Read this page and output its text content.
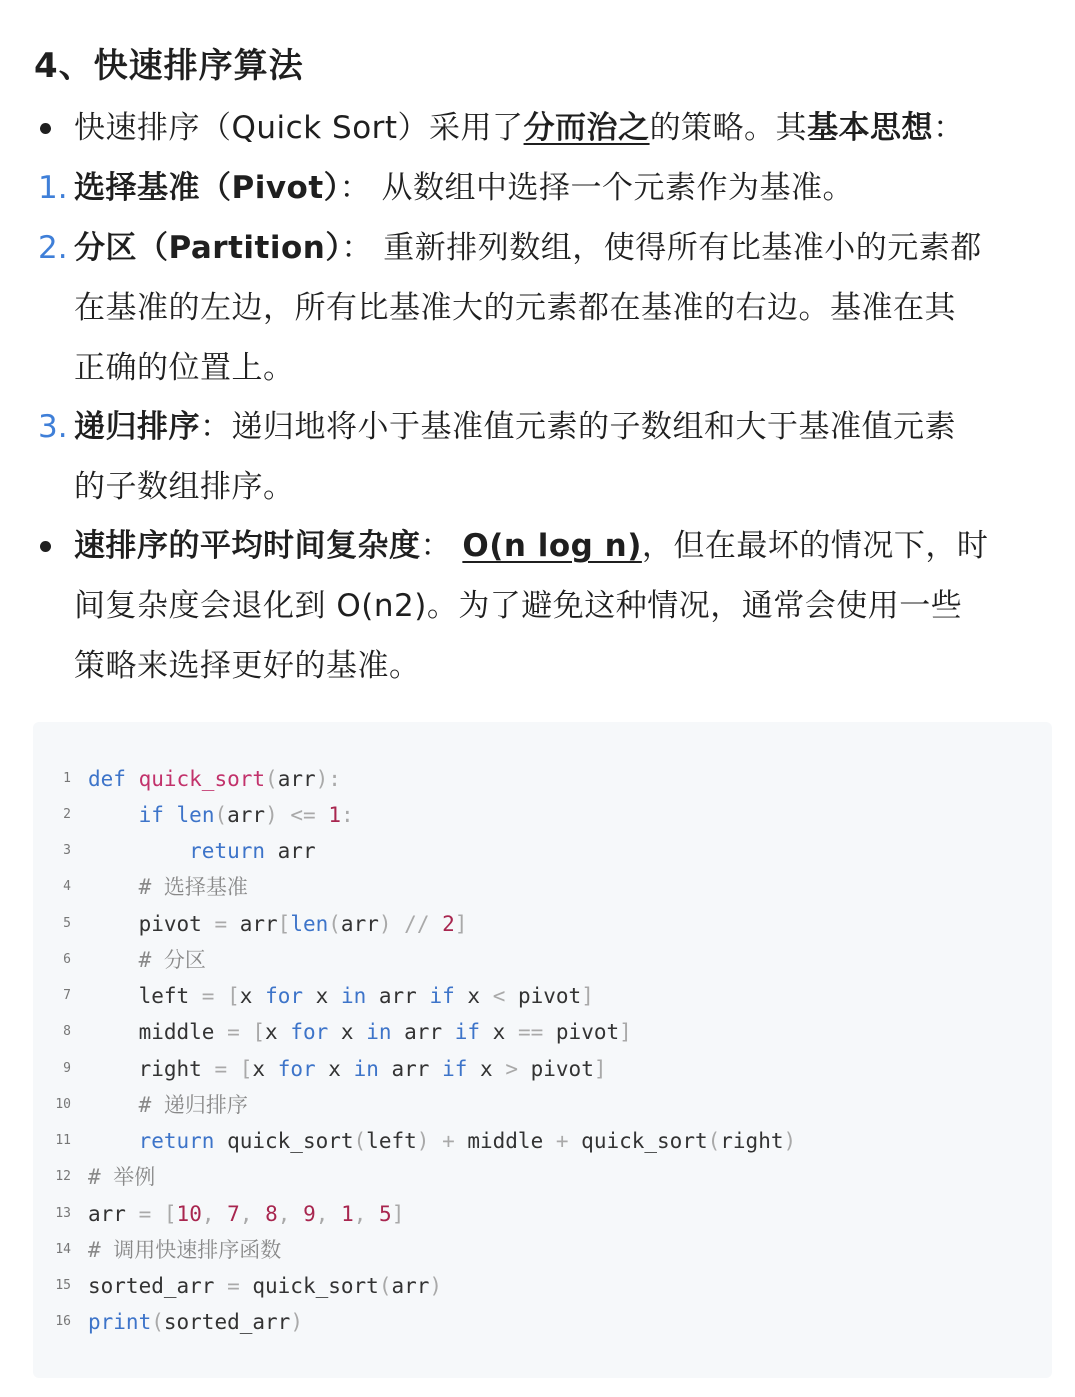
4、快速排序算法
快速排序（Quick Sort）采用了分而治之的策略。其基本思想：
1. 选择基准（Pivot）： 从数组中选择一个元素作为基准。
2. 分区（Partition）： 重新排列数组，使得所有比基准小的元素都
在基准的左边，所有比基准大的元素都在基准的右边。基准在其
正确的位置上。
3. 递归排序：递归地将小于基准值元素的子数组和大于基准值元素
的子数组排序。
速排序的平均时间复杂度： O(n log n)，但在最坏的情况下，时
间复杂度会退化到 O(n2)。为了避免这种情况，通常会使用一些
策略来选择更好的基准。
1 def quick_sort(arr):
2	if len(arr) <= 1:
3	return arr
4	# 选择基准
5 pivot = arr[len(arr) // 2]
6	# 分区
7 left = [x for x in arr if x < pivot]
8 middle = [x for x in arr if x == pivot]
9 right = [x for x in arr if x > pivot]
10	# 递归排序
11	return quick_sort(left) + middle + quick_sort(right)
12 # 举例
13 arr = [10, 7, 8, 9, 1, 5]
14 # 调用快速排序函数
15 sorted_arr = quick_sort(arr)
16 print(sorted_arr)
